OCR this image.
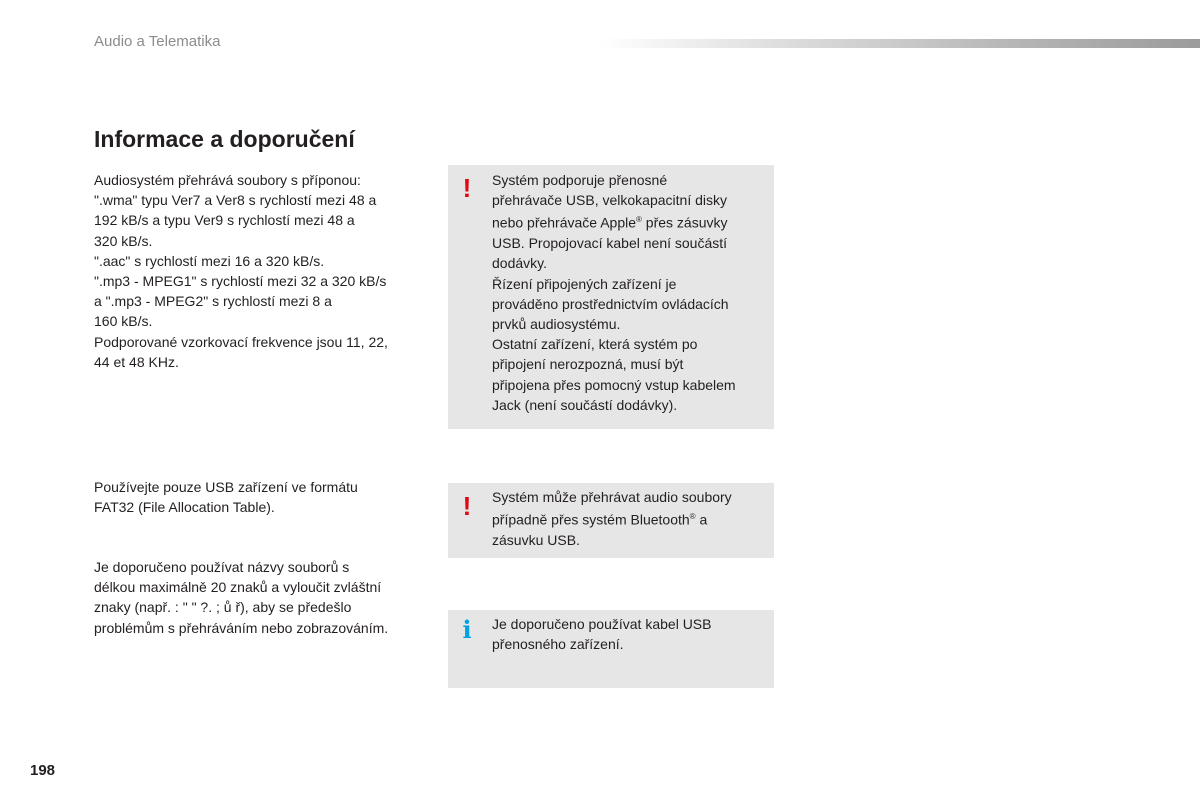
Audio a Telematika
Informace a doporučení

Audiosystém přehrává soubory s příponou:
".wma" typu Ver7 a Ver8 s rychlostí mezi 48 a
192 kB/s a typu Ver9 s rychlostí mezi 48 a
320 kB/s.
".aac" s rychlostí mezi 16 a 320 kB/s.
".mp3 - MPEG1" s rychlostí mezi 32 a 320 kB/s
a ".mp3 - MPEG2" s rychlostí mezi 8 a
160 kB/s.
Podporované vzorkovací frekvence jsou 11, 22,
44 et 48 KHz.

Používejte pouze USB zařízení ve formátu
FAT32 (File Allocation Table).

Je doporučeno používat názvy souborů s
délkou maximálně 20 znaků a vyloučit zvláštní
znaky (např. : " " ?. ; ů ř), aby se předešlo
problémům s přehráváním nebo zobrazováním.

! Systém podporuje přenosné
přehrávače USB, velkokapacitní disky
nebo přehrávače Apple® přes zásuvky
USB. Propojovací kabel není součástí
dodávky.
Řízení připojených zařízení je
prováděno prostřednictvím ovládacích
prvků audiosystému.
Ostatní zařízení, která systém po
připojení nerozpozná, musí být
připojena přes pomocný vstup kabelem
Jack (není součástí dodávky).

! Systém může přehrávat audio soubory
případně přes systém Bluetooth® a
zásuvku USB.

i Je doporučeno používat kabel USB
přenosného zařízení.

198
